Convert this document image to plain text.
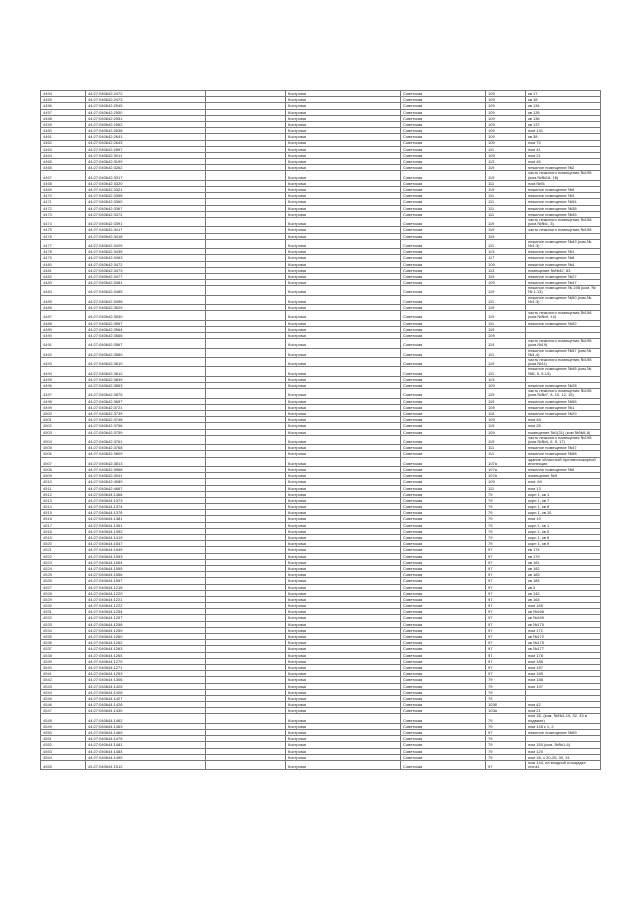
4454	44:27:040642:2472		Кострома	Советская	109	кв 17
4455	44:27:040642:2473		Кострома	Советская	109	кв 18
4456	44:27:040642:2545		Кострома	Советская	109	кв 134
4457	44:27:040642:2550		Кострома	Советская	109	кв 135
4458	44:27:040642:2551		Кострома	Советская	109	кв 136
4459	44:27:040642:2552		Кострома	Советская	109	кв 137
4460	44:27:040642:2638		Кострома	Советская	109	пом 131
4461	44:27:040642:2641		Кострома	Советская	109	кв 38
4462	44:27:040642:2643		Кострома	Советская	109	пом 74
4463	44:27:040642:2897		Кострома	Советская	111	пом 41
4464	44:27:040642:3011		Кострома	Советская	109	пом 21
4465	44:27:040642:3199		Кострома	Советская	113	пом 46
4466	44:27:040642:3262		Кострома	Советская	119	нежилое помещение №2
4467	44:27:040642:3317		Кострома	Советская	119	часть нежилого помещения №198 (ком.№№16, 18)
4468	44:27:040642:3320		Кострома	Советская	111	пом.№91
4469	44:27:040642:3321		Кострома	Советская	119	нежилое помещение №9
4470	44:27:040642:3358		Кострома	Советская	111	нежилое помещение №3
4471	44:27:040642:3360		Кострома	Советская	111	нежилое помещение №54
4472	44:27:040642:3367		Кострома	Советская	111	нежилое помещение №38
4473	44:27:040642:3372		Кострома	Советская	111	нежилое помещение №45
4474	44:27:040642:3391		Кострома	Советская	119	часть нежилого помещения №198 (ком.№№1, 3)
4475	44:27:040642:3417		Кострома	Советская	119	часть нежилого помещения №198
4476	44:27:040642:3418		Кострома	Советская	119	
4477	44:27:040642:3429		Кострома	Советская	111	нежилое помещение №49 (ком.№№1-3)
4478	44:27:040642:3435		Кострома	Советская	113	нежилое помещение №1
4479	44:27:040642:3463		Кострома	Советская	117	нежилое помещение №8
4480	44:27:040642:3472		Кострома	Советская	109	нежилое помещение №4
4481	44:27:040642:3473		Кострома	Советская	113	помещение №№42, 83
4482	44:27:040642:3477		Кострома	Советская	119	нежилое помещение №27
4483	44:27:040642:3481		Кострома	Советская	109	нежилое помещение №47
4484	44:27:040642:3485		Кострома	Советская	119	нежилое помещение № 198 (ком. №№ 1-13)
4485	44:27:040642:3498		Кострома	Советская	111	нежилое помещение №50 (ком.№№1-3)
4486	44:27:040642:3529		Кострома	Советская	119	
4487	44:27:040642:3530		Кострома	Советская	119	часть нежилого помещения №198 (ком.№№9, 14)
4488	44:27:040642:3557		Кострома	Советская	111	нежилое помещение №52
4489	44:27:040642:3564		Кострома	Советская	119	
4490	44:27:040642:3566		Кострома	Советская	109	
4491	44:27:040642:3567		Кострома	Советская	119	часть нежилого помещения №198 (ком.№19)
4492	44:27:040642:3580		Кострома	Советская	111	нежилое помещение №57 (ком.№№1-4)
4493	44:27:040642:3810		Кострома	Советская	119	часть нежилого помещения №198 (ком.№11)
4494	44:27:040642:3812		Кострома	Советская	111	нежилое помещение №48 (ком.№№5, 6, 9-14)
4495	44:27:040642:3839		Кострома	Советская	113	
4496	44:27:040642:3853		Кострома	Советская	109	нежилое помещение №28
4497	44:27:040642:3875		Кострома	Советская	119	часть нежилого помещения №198 (ком.№№7, 8, 10, 12, 15)
4498	44:27:040642:3657		Кострома	Советская	119	нежилое помещение №55
4499	44:27:040642:3721		Кострома	Советская	109	нежилое помещение №1
4500	44:27:040642:3739		Кострома	Советская	115	нежилое помещение №29
4501	44:27:040642:3748		Кострома	Советская	109	пом 48
4502	44:27:040642:3756		Кострома	Советская	119	пом 28
4503	44:27:040642:3759		Кострома	Советская	109	помещение №1(31) (ком.№№5-8)
4504	44:27:040642:3761		Кострома	Советская	119	часть нежилого помещения №198 (ком.№№4, 6, 9, 17)
4505	44:27:040642:3768		Кострома	Советская	111	нежилое помещение №47
4506	44:27:040642:3809		Кострома	Советская	111	нежилое помещение №58
4507	44:27:040642:3813		Кострома	Советская	107а	здание областной противопожарной инспекции
4508	44:27:040642:3968		Кострома	Советская	107а	нежилое помещение №6
4509	44:27:040642:4041		Кострома	Советская	107а	помещение №9
4510	44:27:040642:4089		Кострома	Советская	109	пом. 69
4511	44:27:040642:4667		Кострома	Советская	111	пом 13
4512	44:27:040644:1368		Кострома	Советская	79	корп 1, кв 1
4513	44:27:040644:1373		Кострома	Советская	79	корп 1, кв 7
4514	44:27:040644:1374		Кострома	Советская	79	корп 1, кв 8
4515	44:27:040644:1378		Кострома	Советская	79	корп 1, кв 10
4516	44:27:040644:1381		Кострома	Советская	79	пом 19
4517	44:27:040644:1391		Кострома	Советская	79	корп 1, кв 1
4518	44:27:040644:1392		Кострома	Советская	79	корп 1, кв 5
4519	44:27:040644:1419		Кострома	Советская	79	корп 1, кв 8
4520	44:27:040644:1547		Кострома	Советская	79	корп 1, кв 9
4521	44:27:040644:1549		Кострома	Советская	97	кв 174
4522	44:27:040644:1553		Кострома	Советская	97	кв 179
4523	44:27:040644:1554		Кострома	Советская	97	кв 181
4524	44:27:040644:1555		Кострома	Советская	97	кв 182
4525	44:27:040644:1556		Кострома	Советская	97	кв 183
4526	44:27:040644:1557		Кострома	Советская	97	кв 184
4527	44:27:040644:1218		Кострома	Советская	97	кв 2
4528	44:27:040644:1220		Кострома	Советская	97	кв 142
4529	44:27:040644:1221		Кострома	Советская	97	кв 164
4530	44:27:040644:1222		Кострома	Советская	97	пом 165
4531	44:27:040644:1254		Кострома	Советская	97	кв №166
4532	44:27:040644:1257		Кострома	Советская	97	кв №169
4533	44:27:040644:1258		Кострома	Советская	97	кв №170
4534	44:27:040644:1259		Кострома	Советская	97	пом 171
4535	44:27:040644:1260		Кострома	Советская	97	кв №172
4536	44:27:040644:1262		Кострома	Советская	97	кв №175
4537	44:27:040644:1263		Кострома	Советская	97	кв №177
4538	44:27:040644:1264		Кострома	Советская	97	пом 178
4539	44:27:040644:1270		Кострома	Советская	97	пом 185
4540	44:27:040644:1271		Кострома	Советская	97	пом 187
4541	44:27:040644:1293		Кострома	Советская	97	пом 189
4542	44:27:040644:1306		Кострома	Советская	79	пом 188
4543	44:27:040644:1425		Кострома	Советская	79	пом 197
4544	44:27:040644:1426		Кострома	Советская	79	
4545	44:27:040644:1427		Кострома	Советская	79	
4546	44:27:040644:1428		Кострома	Советская	103б	пом 42
4547	44:27:040644:1430		Кострома	Советская	103а	пом 21
4548	44:27:040644:1462		Кострома	Советская	79	пом 1Б, (ком. №№1-19, 32, 33 в подвале)
4549	44:27:040644:1463		Кострома	Советская	79	пом 145 к 1, 2
4550	44:27:040644:1469		Кострома	Советская	97	нежилое помещение №59
4551	44:27:040644:1475		Кострома	Советская	79	
4552	44:27:040644:1481		Кострома	Советская	79	пом 150 (ком. №№1-6)
4553	44:27:040644:1484		Кострома	Советская	79	пом 120
4554	44:27:040644:1490		Кострома	Советская	79	пом 1Б, к 20-25, 30, 31
4555	44:27:040644:1512		Кострома	Советская	97	пом 144, на входной площадке лит.а1
